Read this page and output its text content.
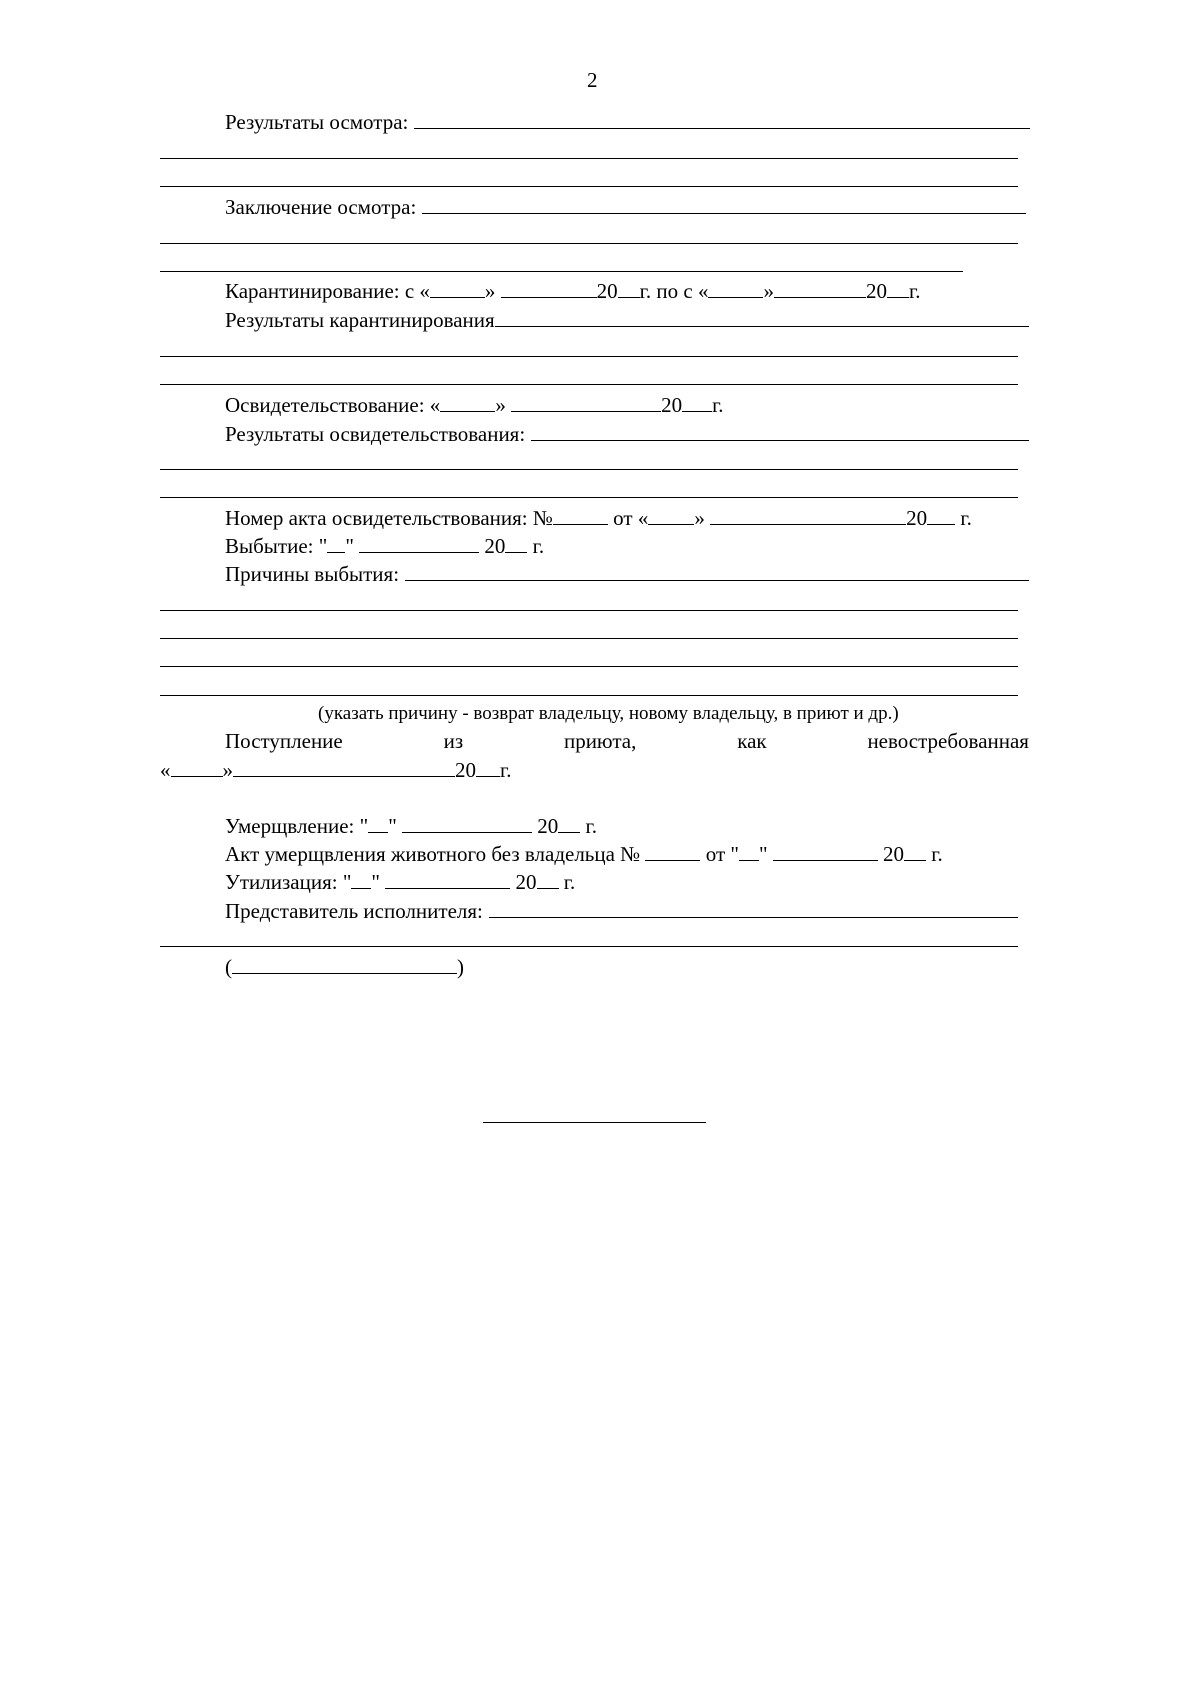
2
Результаты осмотра:
Заключение осмотра:
Карантинирование: с «	»	20 г. по с «	»	20 г.
Результаты карантинирования
Освидетельствование: «	»	20 г.
Результаты освидетельствования:
Номер акта освидетельствования: №	от « »	20 г.
Выбытие: " "	20 г.
Причины выбытия:
(указать причину - возврат владельцу, новому владельцу, в приют и др.)
Поступление	из	приюта,	как	невостребованная
« »	20 г.
Умерщвление: " "	20 г.
Акт умерщвления животного без владельца №	от " "	20 г.
Утилизация: " "	20 г.
Представитель исполнителя:
(	)
